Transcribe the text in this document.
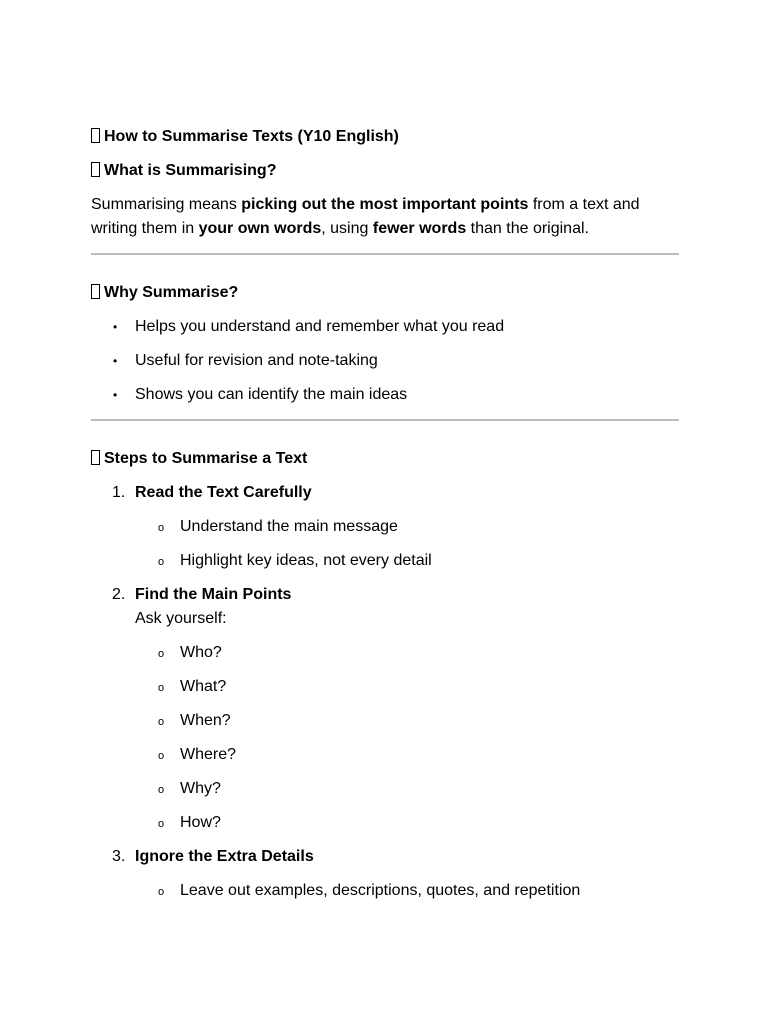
How to Summarise Texts (Y10 English)

What is Summarising?

Summarising means picking out the most important points from a text and writing them in your own words, using fewer words than the original.

Why Summarise?

• Helps you understand and remember what you read
• Useful for revision and note-taking
• Shows you can identify the main ideas

Steps to Summarise a Text

1. Read the Text Carefully
o Understand the main message
o Highlight key ideas, not every detail
2. Find the Main Points
Ask yourself:
o Who?
o What?
o When?
o Where?
o Why?
o How?
3. Ignore the Extra Details
o Leave out examples, descriptions, quotes, and repetition
